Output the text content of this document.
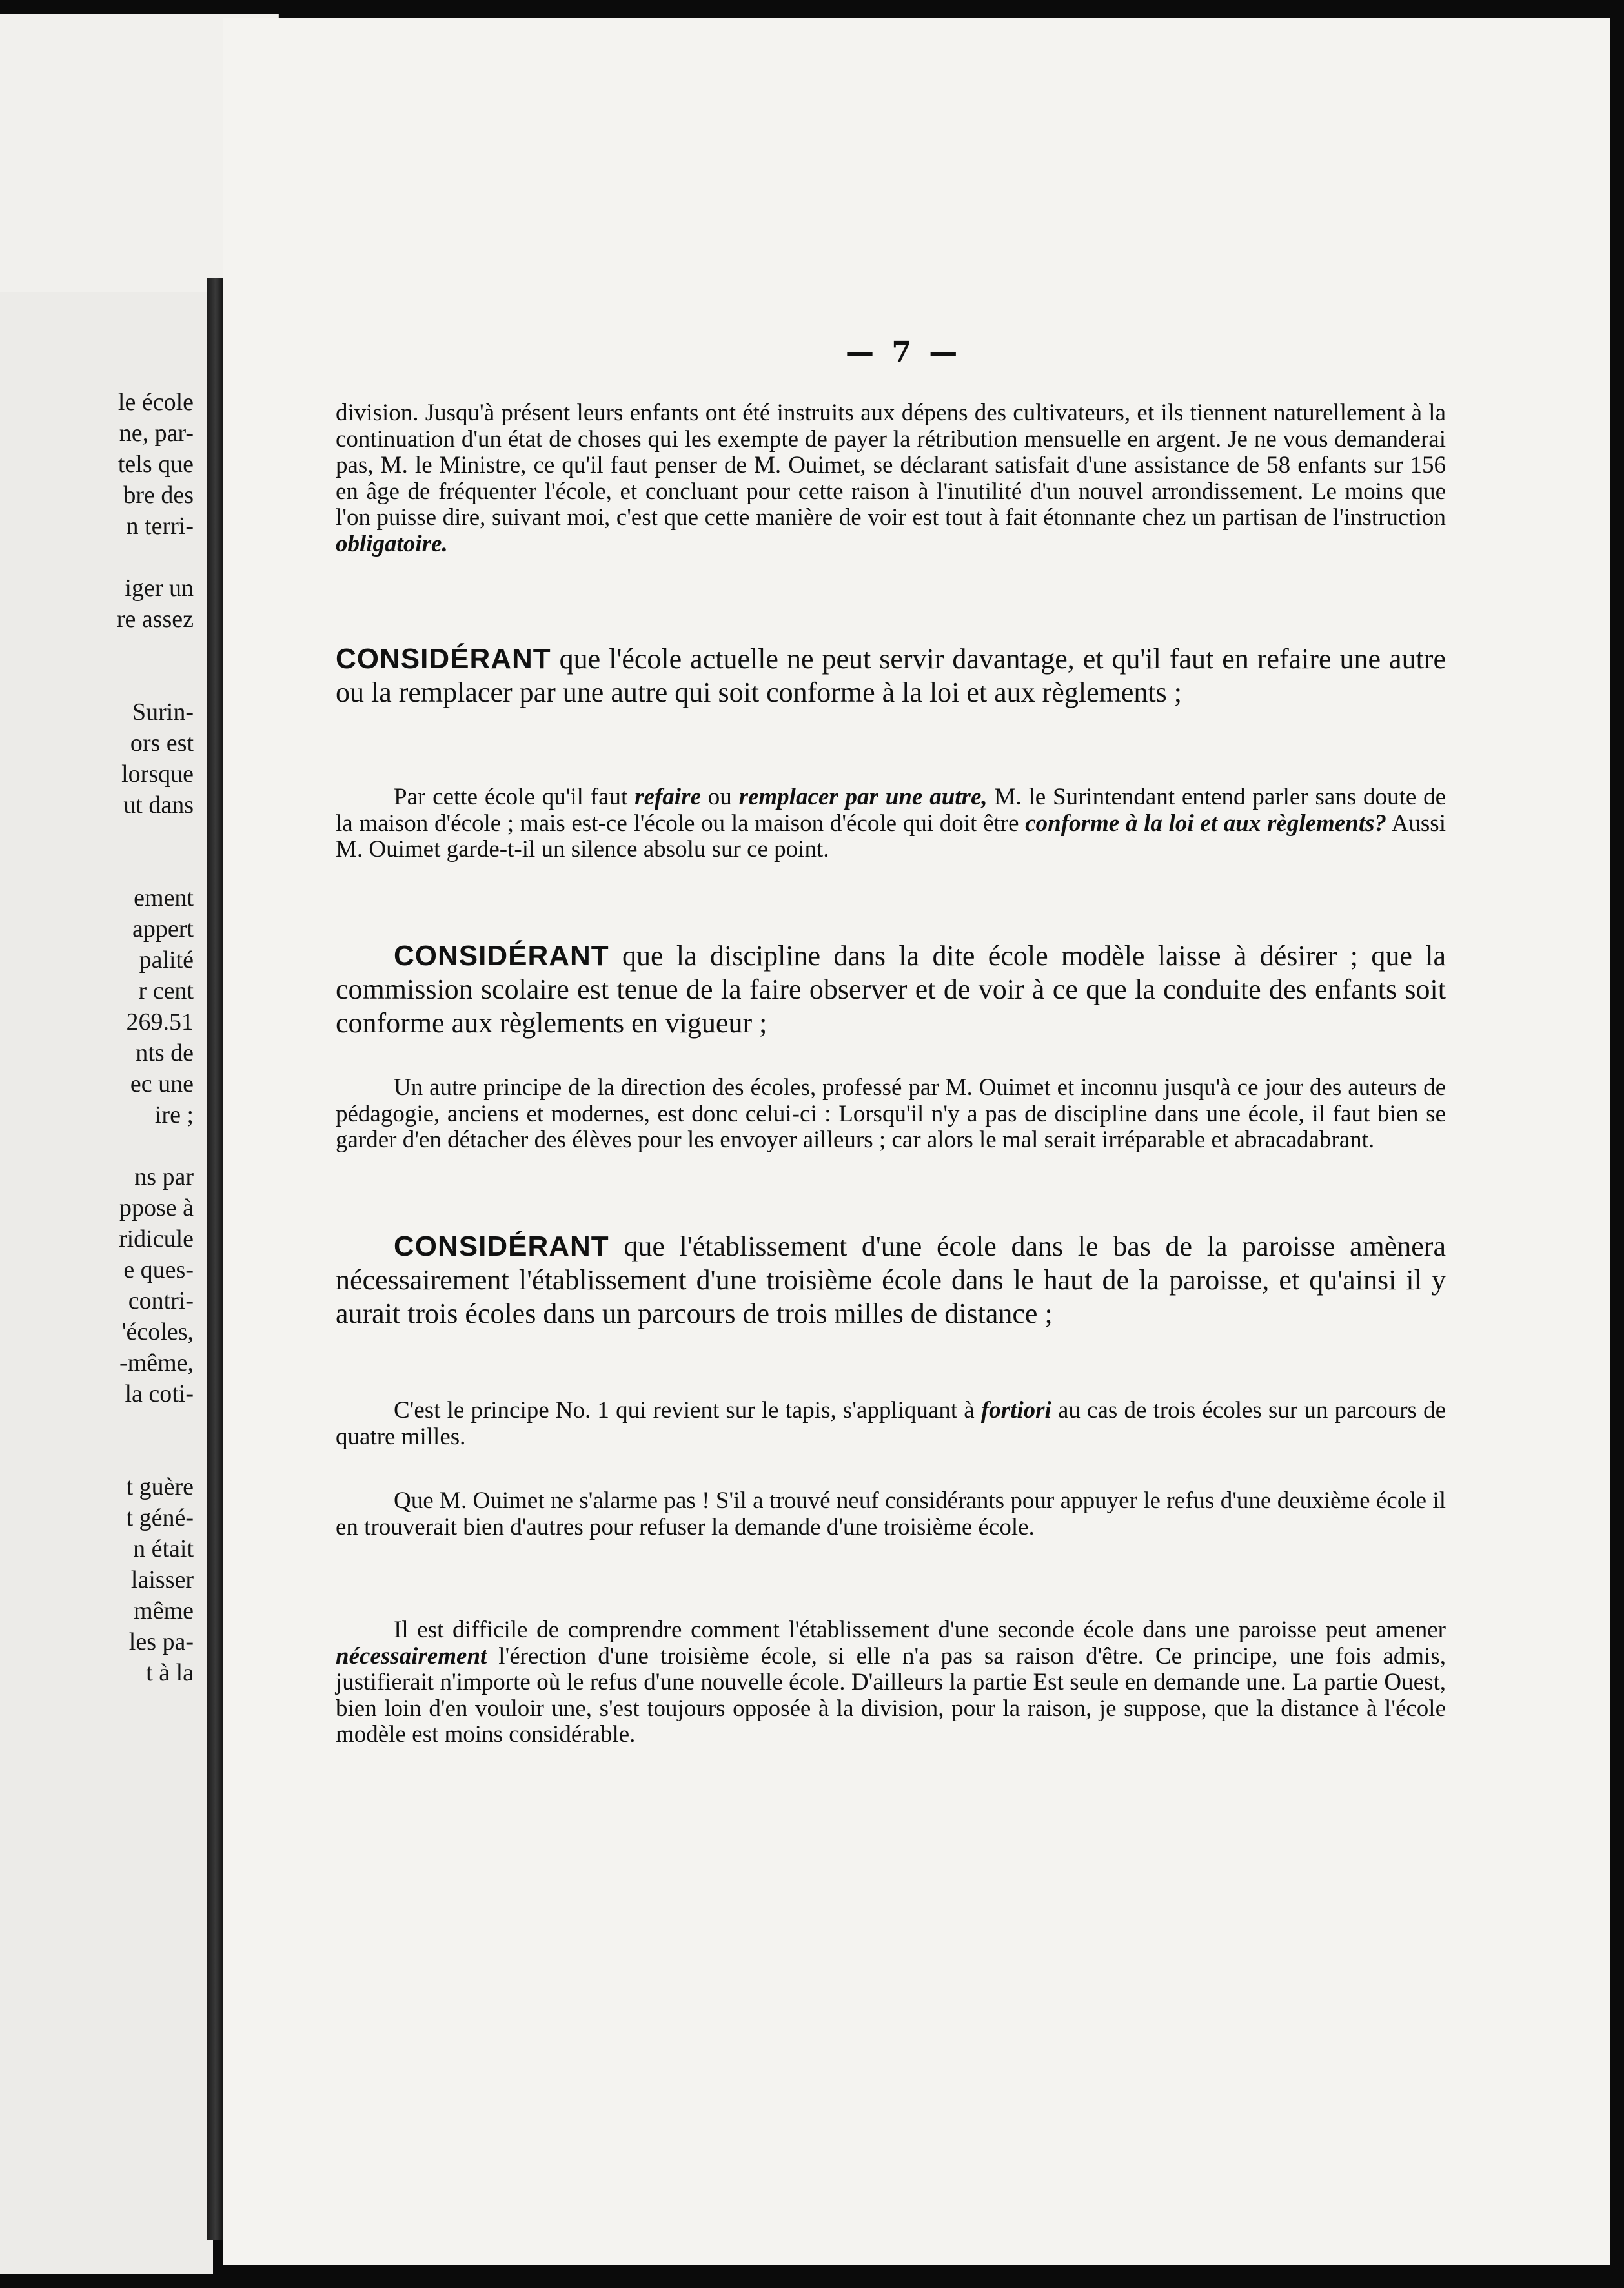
le école
ne, par-
tels que
bre des
n terri-
iger un
re assez
Surin-
ors est
lorsque
ut dans
ement
appert
palité
r cent
269.51
nts de
ec une
ire ;
ns par
ppose à
ridicule
e ques-
contri-
'écoles,
-même,
la coti-
t guère
t géné-
n était
laisser
même
les pa-
t à la
— 7 —

division. Jusqu'à présent leurs enfants ont été instruits aux dépens des cultivateurs, et ils tiennent naturellement à la continuation d'un état de choses qui les exempte de payer la rétribution mensuelle en argent. Je ne vous demanderai pas, M. le Ministre, ce qu'il faut penser de M. Ouimet, se déclarant satisfait d'une assistance de 58 enfants sur 156 en âge de fréquenter l'école, et concluant pour cette raison à l'inutilité d'un nouvel arrondissement. Le moins que l'on puisse dire, suivant moi, c'est que cette manière de voir est tout à fait étonnante chez un partisan de l'instruction obligatoire.

CONSIDÉRANT que l'école actuelle ne peut servir davantage, et qu'il faut en refaire une autre ou la remplacer par une autre qui soit conforme à la loi et aux règlements ;

Par cette école qu'il faut refaire ou remplacer par une autre, M. le Surintendant entend parler sans doute de la maison d'école ; mais est-ce l'école ou la maison d'école qui doit être conforme à la loi et aux règlements? Aussi M. Ouimet garde-t-il un silence absolu sur ce point.

CONSIDÉRANT que la discipline dans la dite école modèle laisse à désirer ; que la commission scolaire est tenue de la faire observer et de voir à ce que la conduite des enfants soit conforme aux règlements en vigueur ;

Un autre principe de la direction des écoles, professé par M. Ouimet et inconnu jusqu'à ce jour des auteurs de pédagogie, anciens et modernes, est donc celui-ci : Lorsqu'il n'y a pas de discipline dans une école, il faut bien se garder d'en détacher des élèves pour les envoyer ailleurs ; car alors le mal serait irréparable et abracadabrant.

CONSIDÉRANT que l'établissement d'une école dans le bas de la paroisse amènera nécessairement l'établissement d'une troisième école dans le haut de la paroisse, et qu'ainsi il y aurait trois écoles dans un parcours de trois milles de distance ;

C'est le principe No. 1 qui revient sur le tapis, s'appliquant à fortiori au cas de trois écoles sur un parcours de quatre milles.

Que M. Ouimet ne s'alarme pas ! S'il a trouvé neuf considérants pour appuyer le refus d'une deuxième école il en trouverait bien d'autres pour refuser la demande d'une troisième école.

Il est difficile de comprendre comment l'établissement d'une seconde école dans une paroisse peut amener nécessairement l'érection d'une troisième école, si elle n'a pas sa raison d'être. Ce principe, une fois admis, justifierait n'importe où le refus d'une nouvelle école. D'ailleurs la partie Est seule en demande une. La partie Ouest, bien loin d'en vouloir une, s'est toujours opposée à la division, pour la raison, je suppose, que la distance à l'école modèle est moins considérable.
